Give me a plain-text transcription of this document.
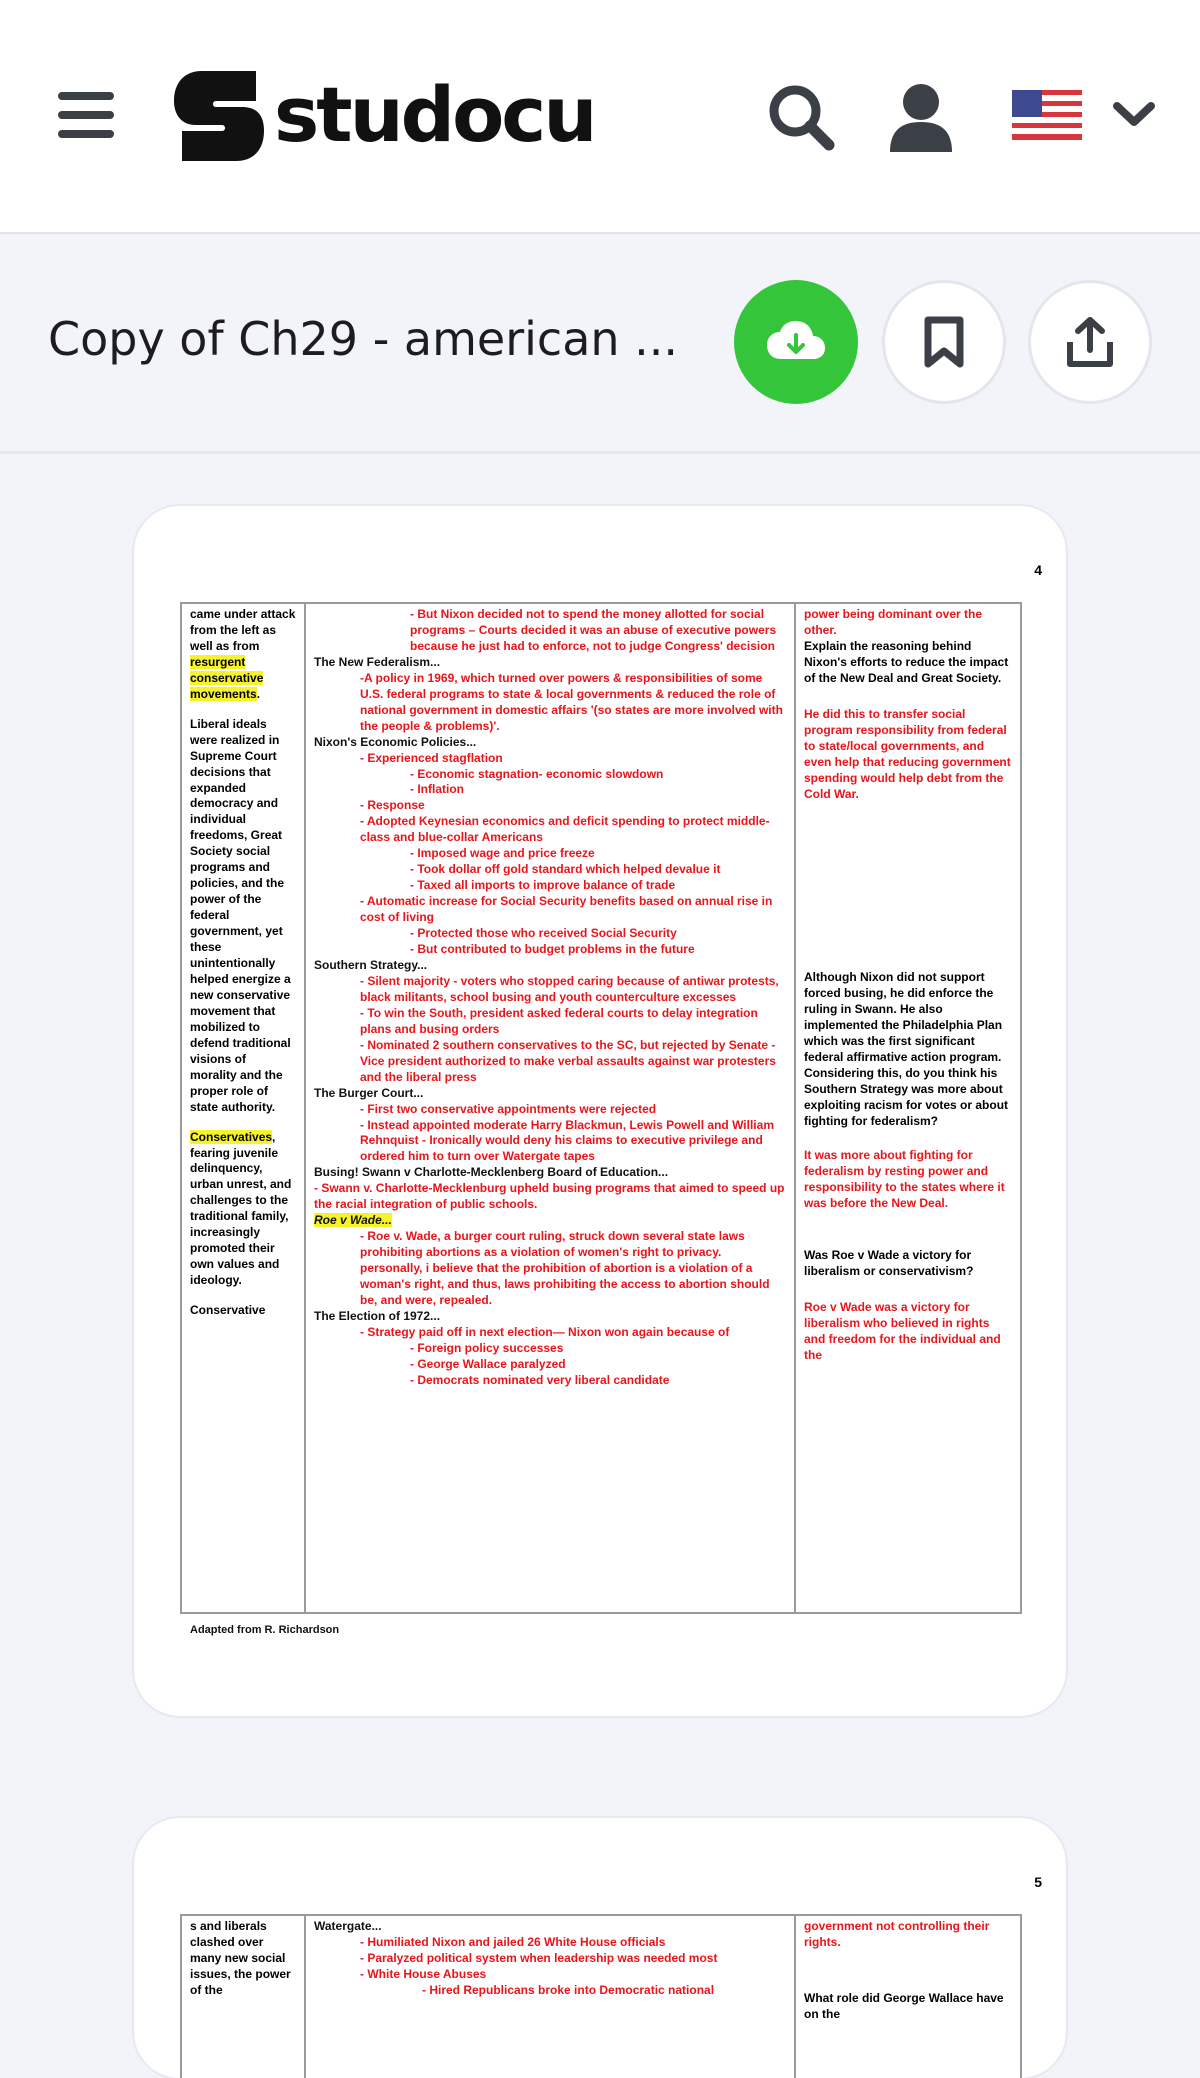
studocu
Copy of Ch29 - american ...
4
came under attack from the left as well as from resurgent conservative movements.
Liberal ideals were realized in Supreme Court decisions that expanded democracy and individual freedoms, Great Society social programs and policies, and the power of the federal government, yet these unintentionally helped energize a new conservative movement that mobilized to defend traditional visions of morality and the proper role of state authority.
Conservatives, fearing juvenile delinquency, urban unrest, and challenges to the traditional family, increasingly promoted their own values and ideology.
Conservative

- But Nixon decided not to spend the money allotted for social programs – Courts decided it was an abuse of executive powers because he just had to enforce, not to judge Congress' decision

The New Federalism...

-A policy in 1969, which turned over powers & responsibilities of some U.S. federal programs to state & local governments & reduced the role of national government in domestic affairs '(so states are more involved with the people & problems)'.

Nixon's Economic Policies...

- Experienced stagflation

- Economic stagnation- economic slowdown

- Inflation

- Response

- Adopted Keynesian economics and deficit spending to protect middle-class and blue-collar Americans

- Imposed wage and price freeze

- Took dollar off gold standard which helped devalue it

- Taxed all imports to improve balance of trade

- Automatic increase for Social Security benefits based on annual rise in cost of living

- Protected those who received Social Security

- But contributed to budget problems in the future

Southern Strategy...

- Silent majority - voters who stopped caring because of antiwar protests, black militants, school busing and youth counterculture excesses

- To win the South, president asked federal courts to delay integration plans and busing orders

- Nominated 2 southern conservatives to the SC, but rejected by Senate - Vice president authorized to make verbal assaults against war protesters and the liberal press

The Burger Court...

- First two conservative appointments were rejected

- Instead appointed moderate Harry Blackmun, Lewis Powell and William Rehnquist - Ironically would deny his claims to executive privilege and ordered him to turn over Watergate tapes

Busing! Swann v Charlotte-Mecklenberg Board of Education...

- Swann v. Charlotte-Mecklenburg upheld busing programs that aimed to speed up the racial integration of public schools.

Roe v Wade...

- Roe v. Wade, a burger court ruling, struck down several state laws prohibiting abortions as a violation of women's right to privacy. personally, i believe that the prohibition of abortion is a violation of a woman's right, and thus, laws prohibiting the access to abortion should be, and were, repealed.

The Election of 1972...

- Strategy paid off in next election— Nixon won again because of

- Foreign policy successes

- George Wallace paralyzed

- Democrats nominated very liberal candidate

power being dominant over the other.

Explain the reasoning behind Nixon's efforts to reduce the impact of the New Deal and Great Society.

He did this to transfer social program responsibility from federal to state/local governments, and even help that reducing government spending would help debt from the Cold War.

Although Nixon did not support forced busing, he did enforce the ruling in Swann. He also implemented the Philadelphia Plan which was the first significant federal affirmative action program. Considering this, do you think his Southern Strategy was more about exploiting racism for votes or about fighting for federalism?

It was more about fighting for federalism by resting power and responsibility to the states where it was before the New Deal.

Was Roe v Wade a victory for liberalism or conservativism?

Roe v Wade was a victory for liberalism who believed in rights and freedom for the individual and the

Adapted from R. Richardson
5
s and liberals clashed over many new social issues, the power of the

Watergate...

- Humiliated Nixon and jailed 26 White House officials

- Paralyzed political system when leadership was needed most

- White House Abuses

- Hired Republicans broke into Democratic national

government not controlling their rights.

What role did George Wallace have on the
